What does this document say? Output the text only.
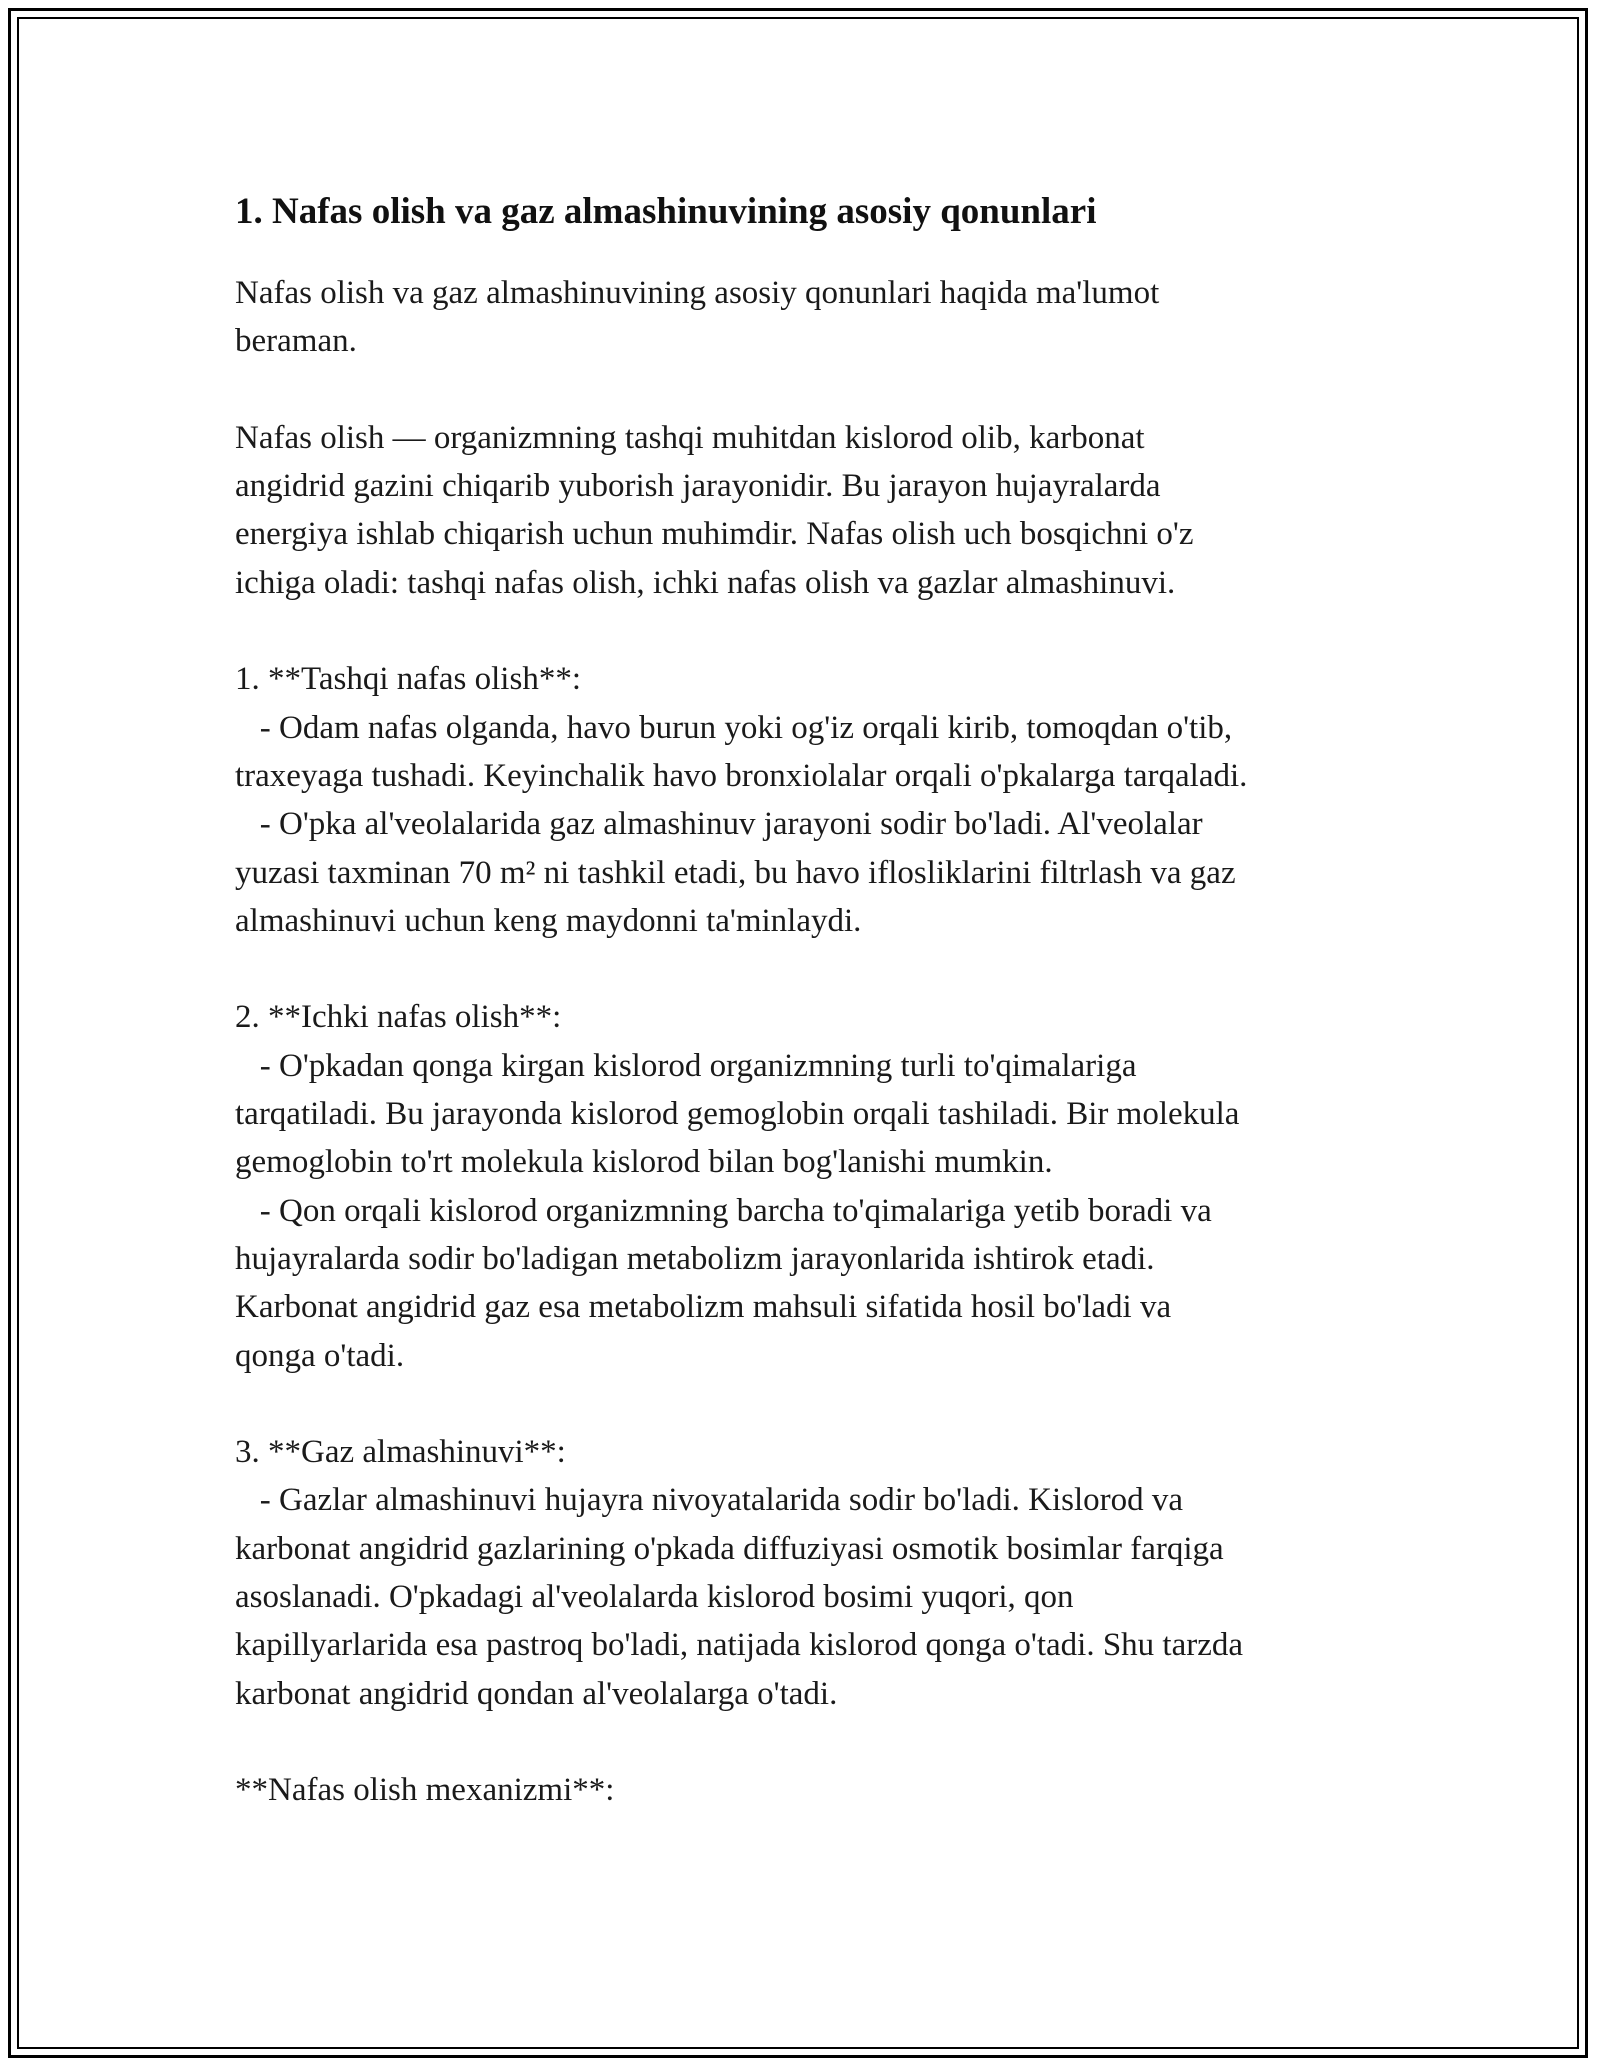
1. Nafas olish va gaz almashinuvining asosiy qonunlari

Nafas olish va gaz almashinuvining asosiy qonunlari haqida ma'lumot
beraman.

Nafas olish — organizmning tashqi muhitdan kislorod olib, karbonat
angidrid gazini chiqarib yuborish jarayonidir. Bu jarayon hujayralarda
energiya ishlab chiqarish uchun muhimdir. Nafas olish uch bosqichni o'z
ichiga oladi: tashqi nafas olish, ichki nafas olish va gazlar almashinuvi.

1. **Tashqi nafas olish**:
- Odam nafas olganda, havo burun yoki og'iz orqali kirib, tomoqdan o'tib,
traxeyaga tushadi. Keyinchalik havo bronxiolalar orqali o'pkalarga tarqaladi.
- O'pka al'veolalarida gaz almashinuv jarayoni sodir bo'ladi. Al'veolalar
yuzasi taxminan 70 m² ni tashkil etadi, bu havo iflosliklarini filtrlash va gaz
almashinuvi uchun keng maydonni ta'minlaydi.

2. **Ichki nafas olish**:
- O'pkadan qonga kirgan kislorod organizmning turli to'qimalariga
tarqatiladi. Bu jarayonda kislorod gemoglobin orqali tashiladi. Bir molekula
gemoglobin to'rt molekula kislorod bilan bog'lanishi mumkin.
- Qon orqali kislorod organizmning barcha to'qimalariga yetib boradi va
hujayralarda sodir bo'ladigan metabolizm jarayonlarida ishtirok etadi.
Karbonat angidrid gaz esa metabolizm mahsuli sifatida hosil bo'ladi va
qonga o'tadi.

3. **Gaz almashinuvi**:
- Gazlar almashinuvi hujayra nivoyatalarida sodir bo'ladi. Kislorod va
karbonat angidrid gazlarining o'pkada diffuziyasi osmotik bosimlar farqiga
asoslanadi. O'pkadagi al'veolalarda kislorod bosimi yuqori, qon
kapillyarlarida esa pastroq bo'ladi, natijada kislorod qonga o'tadi. Shu tarzda
karbonat angidrid qondan al'veolalarga o'tadi.

**Nafas olish mexanizmi**:
